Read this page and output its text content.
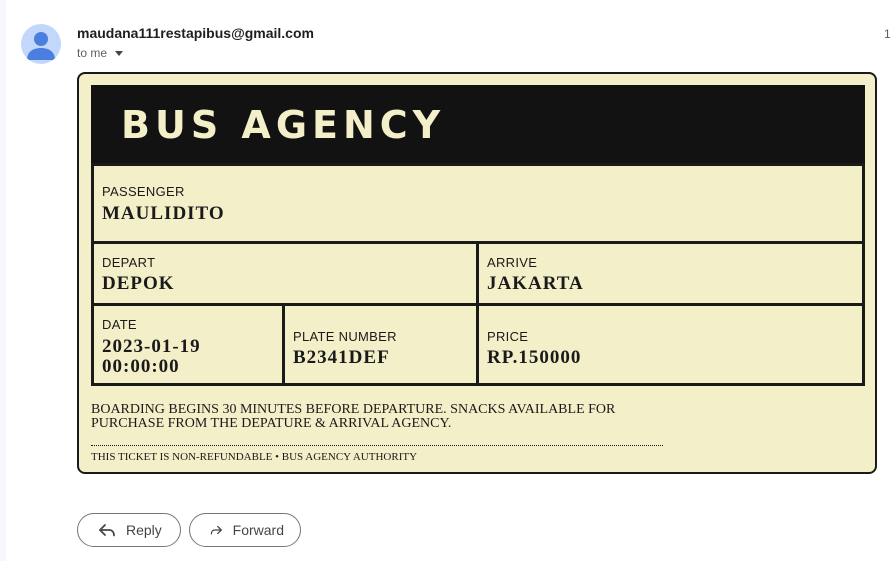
maudana111restapibus@gmail.com	1
to me
BUS AGENCY
PASSENGER
MAULIDITO
DEPART
DEPOK
ARRIVE
JAKARTA
DATE
2023-01-19
00:00:00
PLATE NUMBER
B2341DEF
PRICE
RP.150000
BOARDING BEGINS 30 MINUTES BEFORE DEPARTURE. SNACKS AVAILABLE FOR
PURCHASE FROM THE DEPATURE & ARRIVAL AGENCY.
THIS TICKET IS NON-REFUNDABLE • BUS AGENCY AUTHORITY
Reply	Forward
